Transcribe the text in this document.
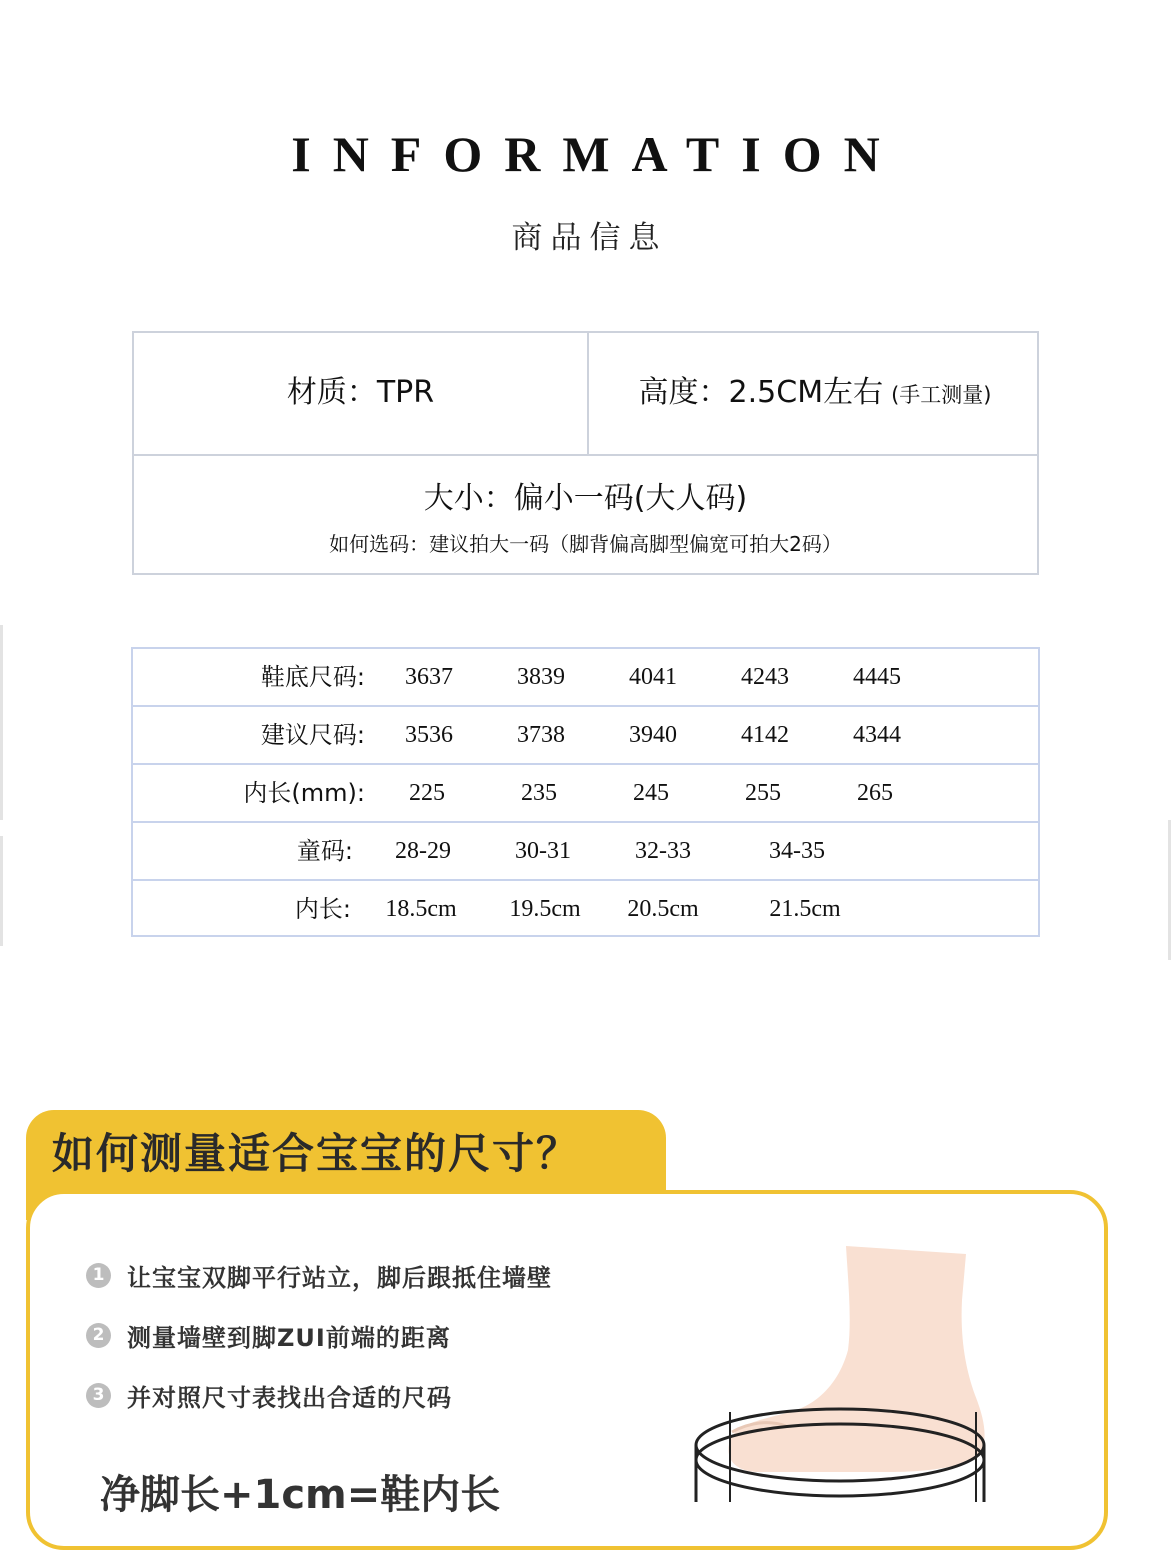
INFORMATION
商品信息
材质：TPR	高度：2.5CM左右 (手工测量)
大小：偏小一码(大人码)
如何选码：建议拍大一码（脚背偏高脚型偏宽可拍大2码）
鞋底尺码:	3637	3839	4041	4243	4445
建议尺码:	3536	3738	3940	4142	4344
内长(mm):	225	235	245	255	265
童码:	28-29	30-31	32-33	34-35
内长:	18.5cm	19.5cm	20.5cm	21.5cm
如何测量适合宝宝的尺寸？
1 让宝宝双脚平行站立，脚后跟抵住墙壁
2 测量墙壁到脚ZUI前端的距离
3 并对照尺寸表找出合适的尺码
净脚长+1cm=鞋内长
